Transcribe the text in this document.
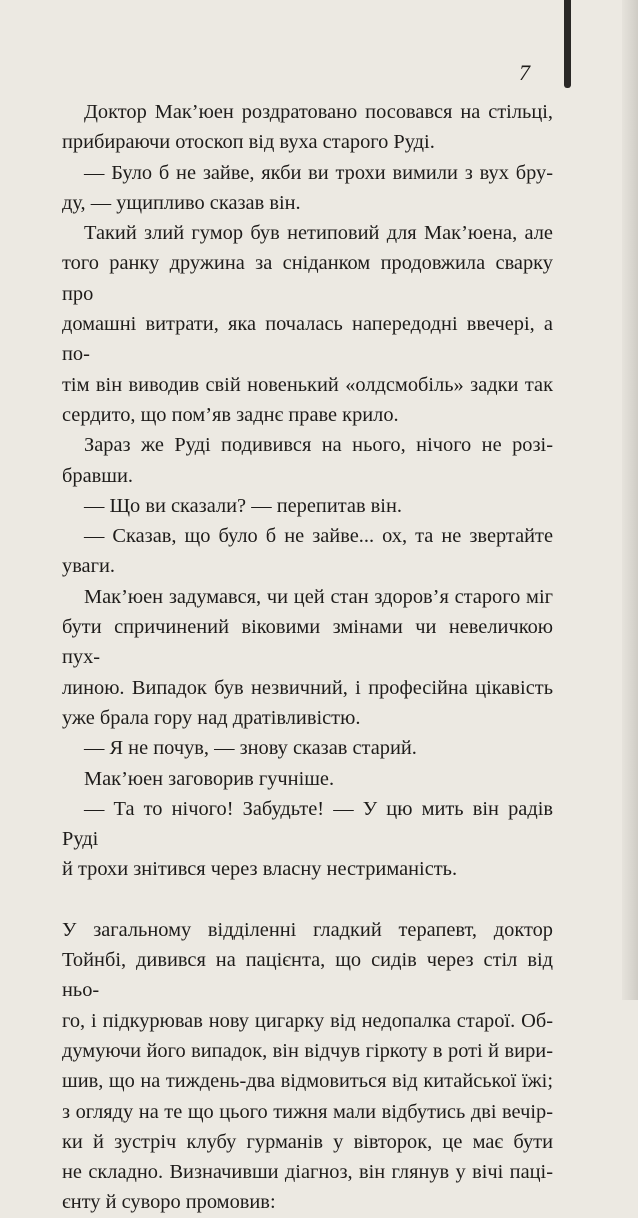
7

Доктор Мак’юен роздратовано посовався на стільці,

прибираючи отоскоп від вуха старого Руді.

— Було б не зайве, якби ви трохи вимили з вух бру-

ду, — ущипливо сказав він.

Такий злий гумор був нетиповий для Мак’юена, але

того ранку дружина за сніданком продовжила сварку про

домашні витрати, яка почалась напередодні ввечері, а по-

тім він виводив свій новенький «олдсмобіль» задки так

сердито, що пом’яв заднє праве крило.

Зараз же Руді подивився на нього, нічого не розі-

бравши.

— Що ви сказали? — перепитав він.

— Сказав, що було б не зайве... ох, та не звертайте

уваги.

Мак’юен задумався, чи цей стан здоров’я старого міг

бути спричинений віковими змінами чи невеличкою пух-

линою. Випадок був незвичний, і професійна цікавість

уже брала гору над дратівливістю.

— Я не почув, — знову сказав старий.

Мак’юен заговорив гучніше.

— Та то нічого! Забудьте! — У цю мить він радів Руді

й трохи знітився через власну нестриманість.

У загальному відділенні гладкий терапевт, доктор

Тойнбі, дивився на пацієнта, що сидів через стіл від ньо-

го, і підкурював нову цигарку від недопалка старої. Об-

думуючи його випадок, він відчув гіркоту в роті й вири-

шив, що на тиждень-два відмовиться від китайської їжі;

з огляду на те що цього тижня мали відбутись дві вечір-

ки й зустріч клубу гурманів у вівторок, це має бути

не складно. Визначивши діагноз, він глянув у вічі паці-

єнту й суворо промовив:
